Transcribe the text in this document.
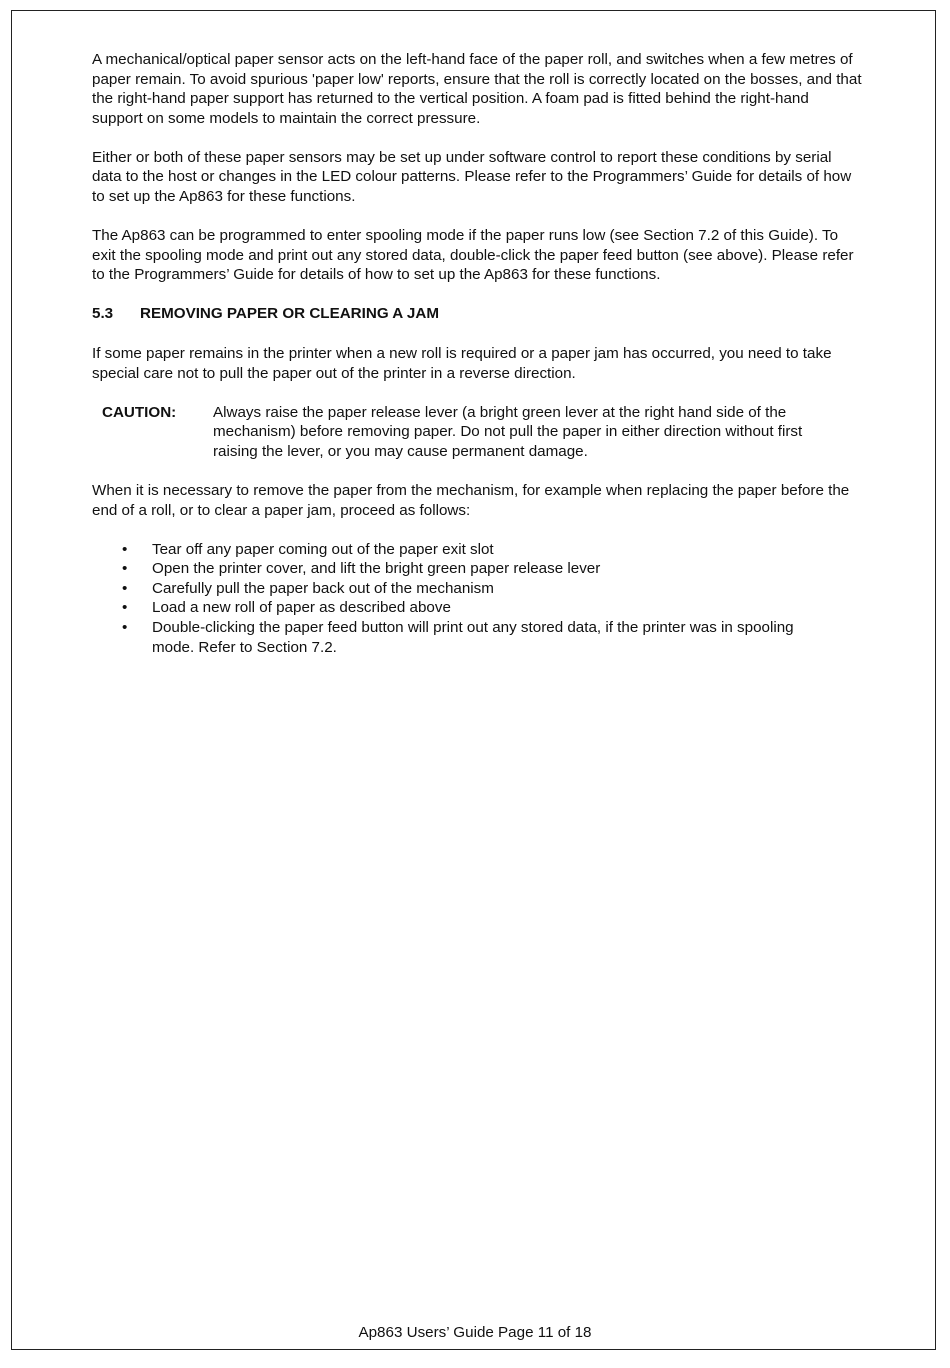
A mechanical/optical paper sensor acts on the left-hand face of the paper roll, and switches when a few metres of paper remain. To avoid spurious 'paper low' reports, ensure that the roll is correctly located on the bosses, and that the right-hand paper support has returned to the vertical position. A foam pad is fitted behind the right-hand support on some models to maintain the correct pressure.

Either or both of these paper sensors may be set up under software control to report these conditions by serial data to the host or changes in the LED colour patterns. Please refer to the Programmers’ Guide for details of how to set up the Ap863 for these functions.

The Ap863 can be programmed to enter spooling mode if the paper runs low (see Section 7.2 of this Guide). To exit the spooling mode and print out any stored data, double-click the paper feed button (see above). Please refer to the Programmers’ Guide for details of how to set up the Ap863 for these functions.

5.3	REMOVING PAPER OR CLEARING A JAM

If some paper remains in the printer when a new roll is required or a paper jam has occurred, you need to take special care not to pull the paper out of the printer in a reverse direction.

CAUTION:	Always raise the paper release lever (a bright green lever at the right hand side of the mechanism) before removing paper. Do not pull the paper in either direction without first raising the lever, or you may cause permanent damage.

When it is necessary to remove the paper from the mechanism, for example when replacing the paper before the end of a roll, or to clear a paper jam, proceed as follows:

•	Tear off any paper coming out of the paper exit slot
•	Open the printer cover, and lift the bright green paper release lever
•	Carefully pull the paper back out of the mechanism
•	Load a new roll of paper as described above
•	Double-clicking the paper feed button will print out any stored data, if the printer was in spooling mode. Refer to Section 7.2.
Ap863 Users’ Guide Page 11 of 18
